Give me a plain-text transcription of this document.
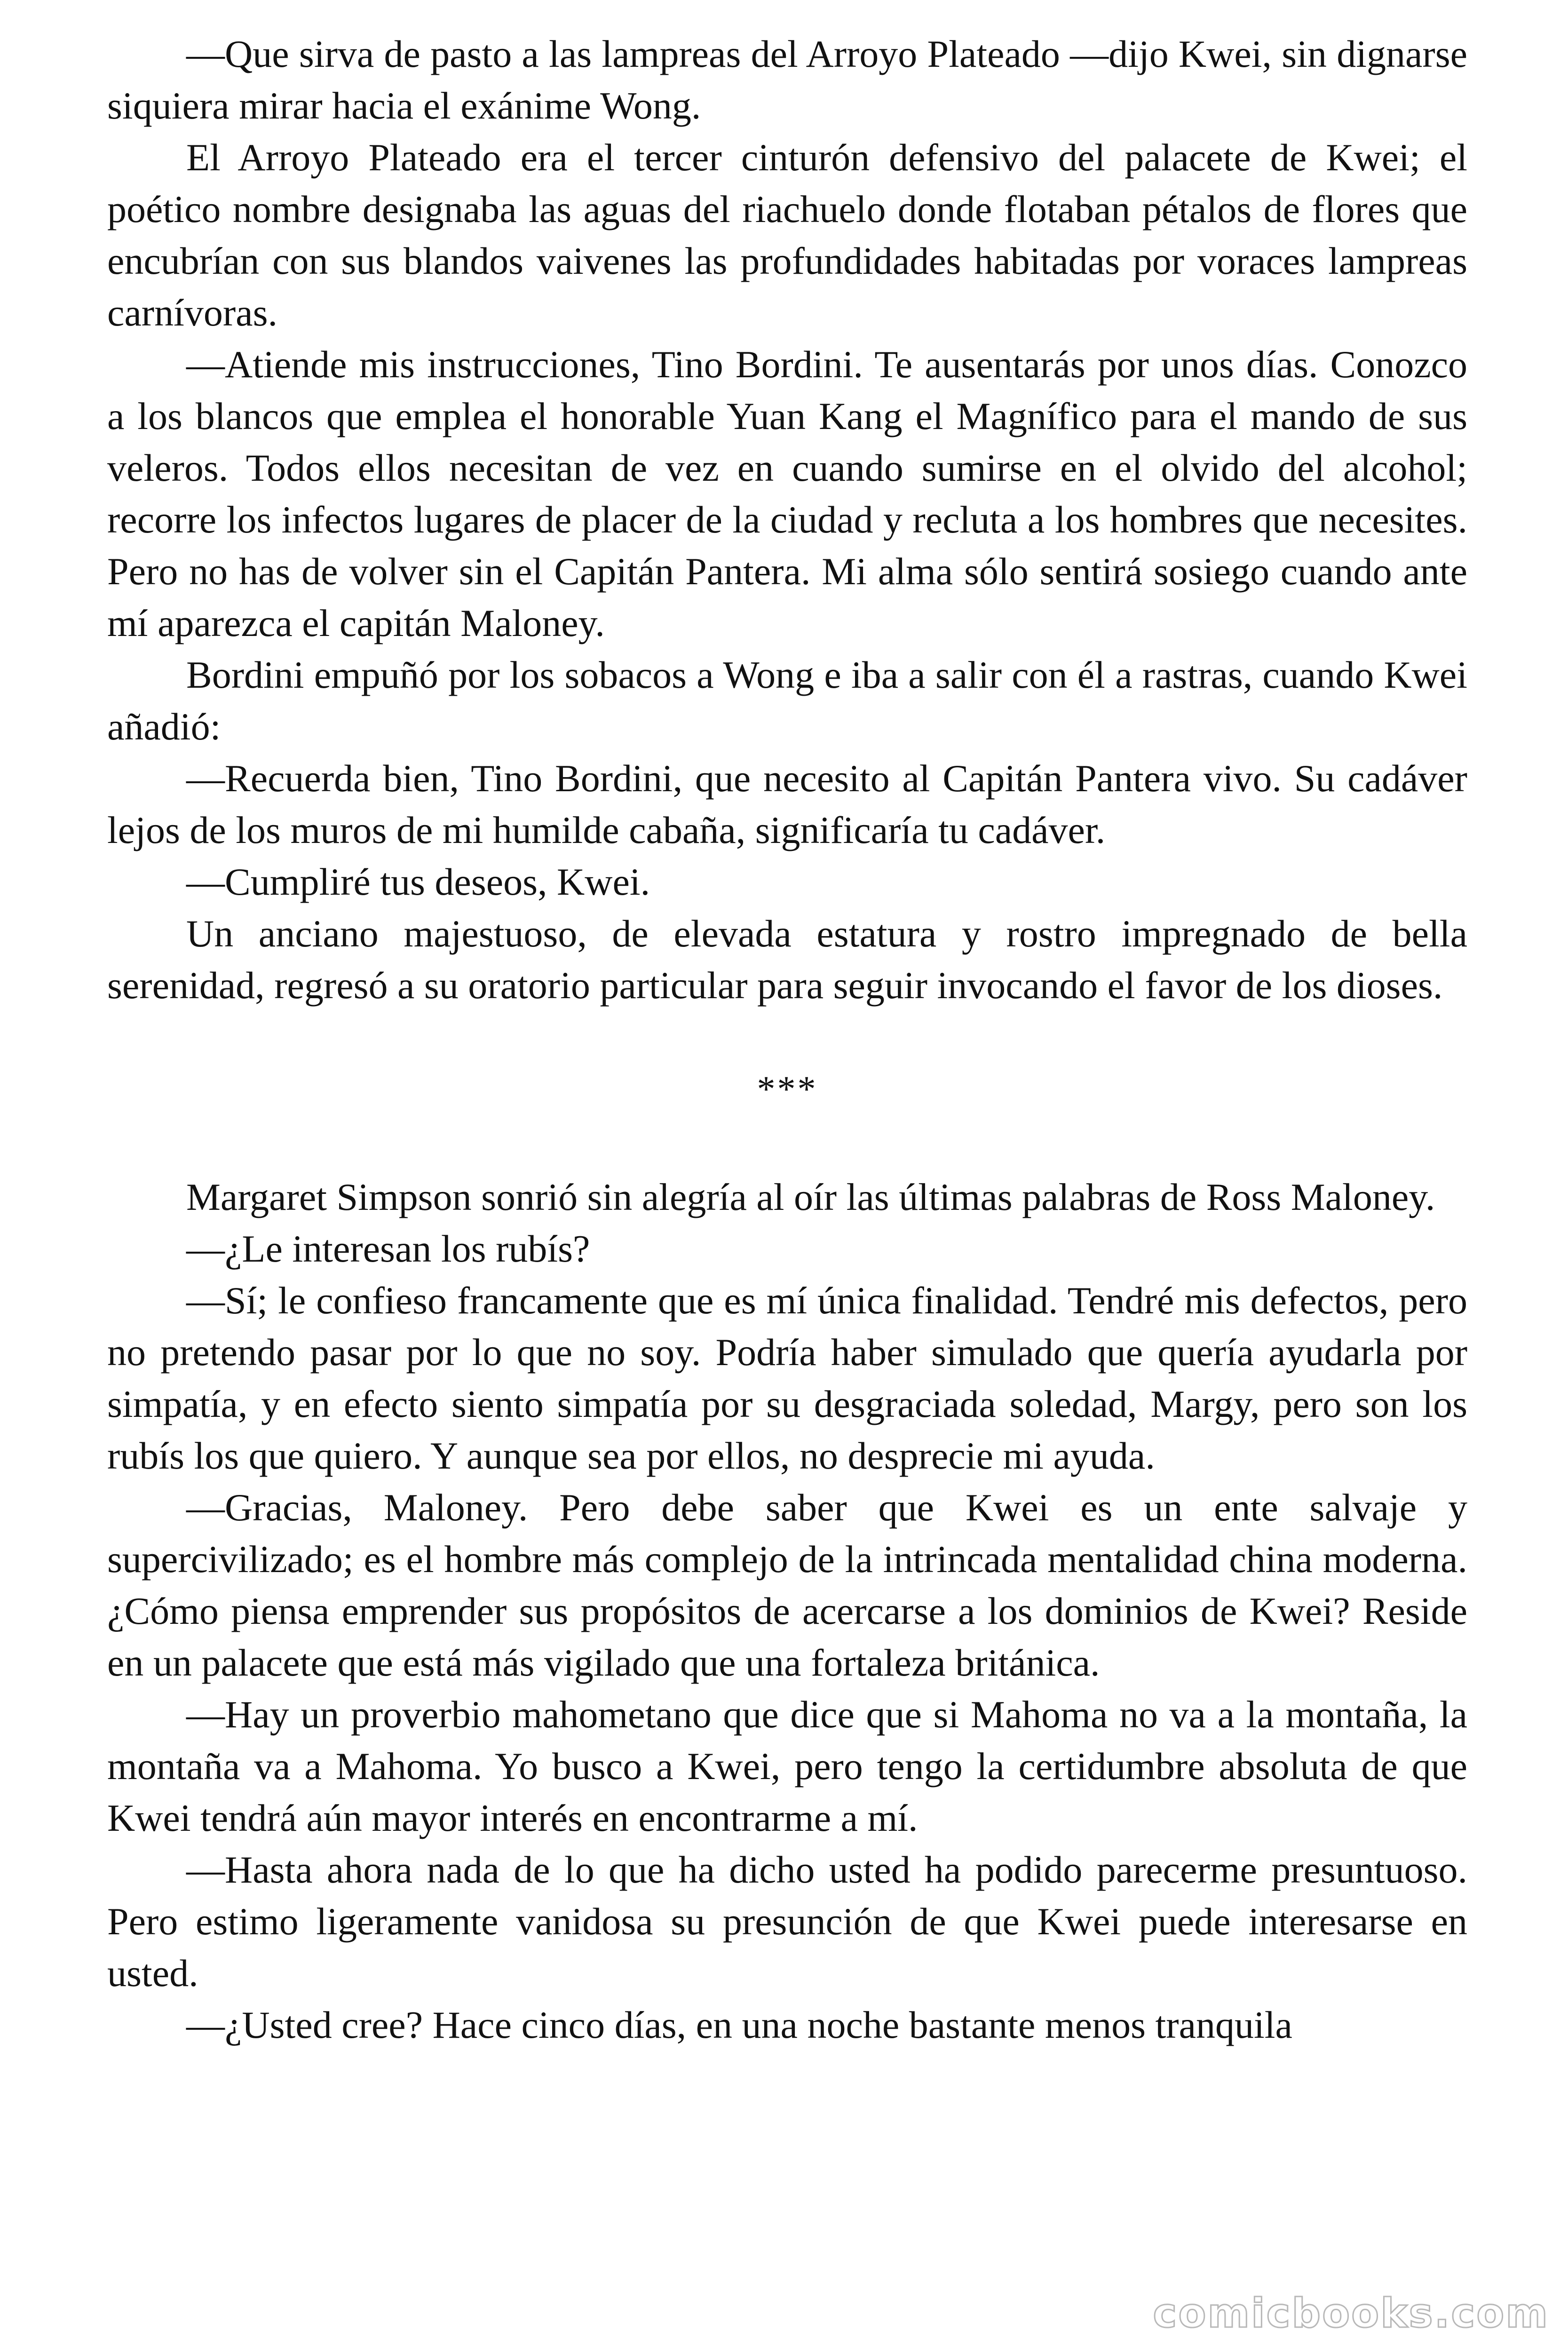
—Que sirva de pasto a las lampreas del Arroyo Plateado —dijo Kwei, sin dignarse siquiera mirar hacia el exánime Wong.

El Arroyo Plateado era el tercer cinturón defensivo del palacete de Kwei; el poético nombre designaba las aguas del riachuelo donde flotaban pétalos de flores que encubrían con sus blandos vaivenes las profundidades habitadas por voraces lampreas carnívoras.

—Atiende mis instrucciones, Tino Bordini. Te ausentarás por unos días. Conozco a los blancos que emplea el honorable Yuan Kang el Magnífico para el mando de sus veleros. Todos ellos necesitan de vez en cuando sumirse en el olvido del alcohol; recorre los infectos lugares de placer de la ciudad y recluta a los hombres que necesites. Pero no has de volver sin el Capitán Pantera. Mi alma sólo sentirá sosiego cuando ante mí aparezca el capitán Maloney.

Bordini empuñó por los sobacos a Wong e iba a salir con él a rastras, cuando Kwei añadió:

—Recuerda bien, Tino Bordini, que necesito al Capitán Pantera vivo. Su cadáver lejos de los muros de mi humilde cabaña, significaría tu cadáver.

—Cumpliré tus deseos, Kwei.

Un anciano majestuoso, de elevada estatura y rostro impregnado de bella serenidad, regresó a su oratorio particular para seguir invocando el favor de los dioses.

***

Margaret Simpson sonrió sin alegría al oír las últimas palabras de Ross Maloney.

—¿Le interesan los rubís?

—Sí; le confieso francamente que es mí única finalidad. Tendré mis defectos, pero no pretendo pasar por lo que no soy. Podría haber simulado que quería ayudarla por simpatía, y en efecto siento simpatía por su desgraciada soledad, Margy, pero son los rubís los que quiero. Y aunque sea por ellos, no desprecie mi ayuda.

—Gracias, Maloney. Pero debe saber que Kwei es un ente salvaje y supercivilizado; es el hombre más complejo de la intrincada mentalidad china moderna. ¿Cómo piensa emprender sus propósitos de acercarse a los dominios de Kwei? Reside en un palacete que está más vigilado que una fortaleza británica.

—Hay un proverbio mahometano que dice que si Mahoma no va a la montaña, la montaña va a Mahoma. Yo busco a Kwei, pero tengo la certidumbre absoluta de que Kwei tendrá aún mayor interés en encontrarme a mí.

—Hasta ahora nada de lo que ha dicho usted ha podido parecerme presuntuoso. Pero estimo ligeramente vanidosa su presunción de que Kwei puede interesarse en usted.

—¿Usted cree? Hace cinco días, en una noche bastante menos tranquila

comicbooks.com
